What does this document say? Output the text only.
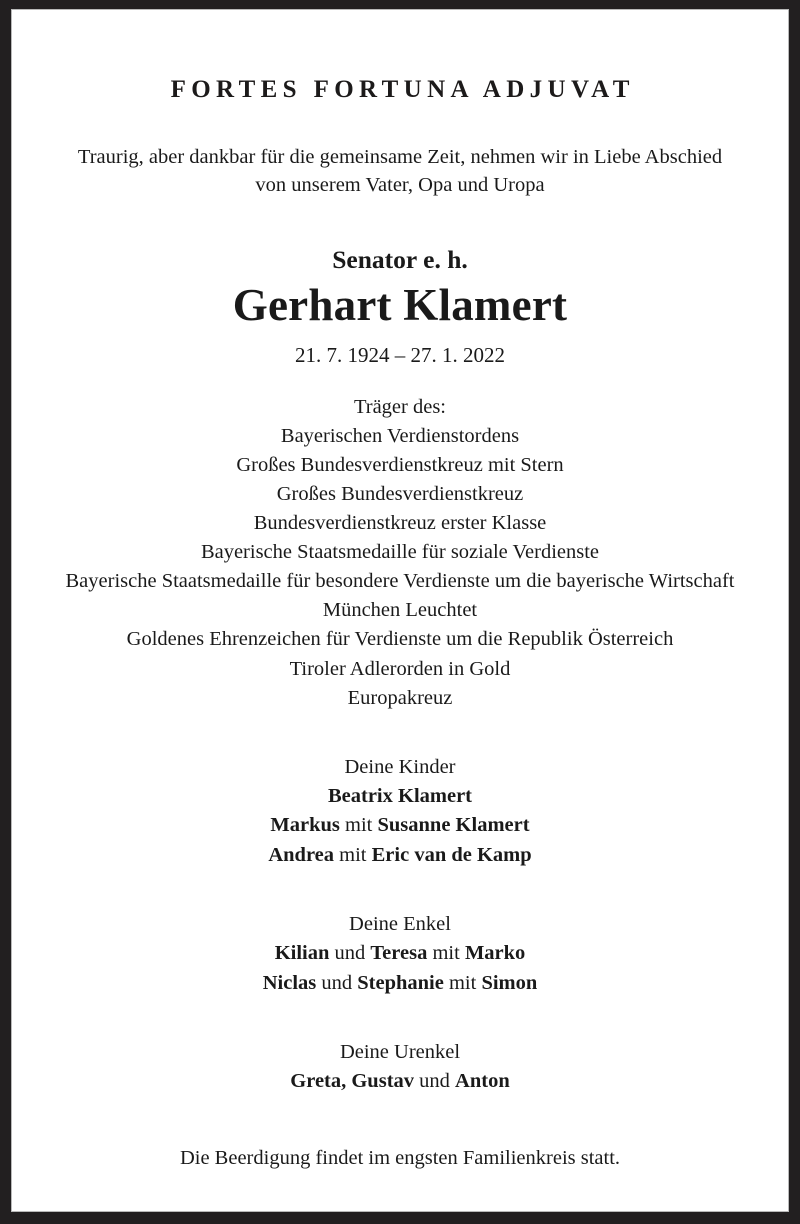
FORTES FORTUNA ADJUVAT
Traurig, aber dankbar für die gemeinsame Zeit, nehmen wir in Liebe Abschied von unserem Vater, Opa und Uropa
Senator e. h.
Gerhart Klamert
21. 7. 1924 – 27. 1. 2022
Träger des:
Bayerischen Verdienstordens
Großes Bundesverdienstkreuz mit Stern
Großes Bundesverdienstkreuz
Bundesverdienstkreuz erster Klasse
Bayerische Staatsmedaille für soziale Verdienste
Bayerische Staatsmedaille für besondere Verdienste um die bayerische Wirtschaft
München Leuchtet
Goldenes Ehrenzeichen für Verdienste um die Republik Österreich
Tiroler Adlerorden in Gold
Europakreuz
Deine Kinder
Beatrix Klamert
Markus mit Susanne Klamert
Andrea mit Eric van de Kamp
Deine Enkel
Kilian und Teresa mit Marko
Niclas und Stephanie mit Simon
Deine Urenkel
Greta, Gustav und Anton
Die Beerdigung findet im engsten Familienkreis statt.
